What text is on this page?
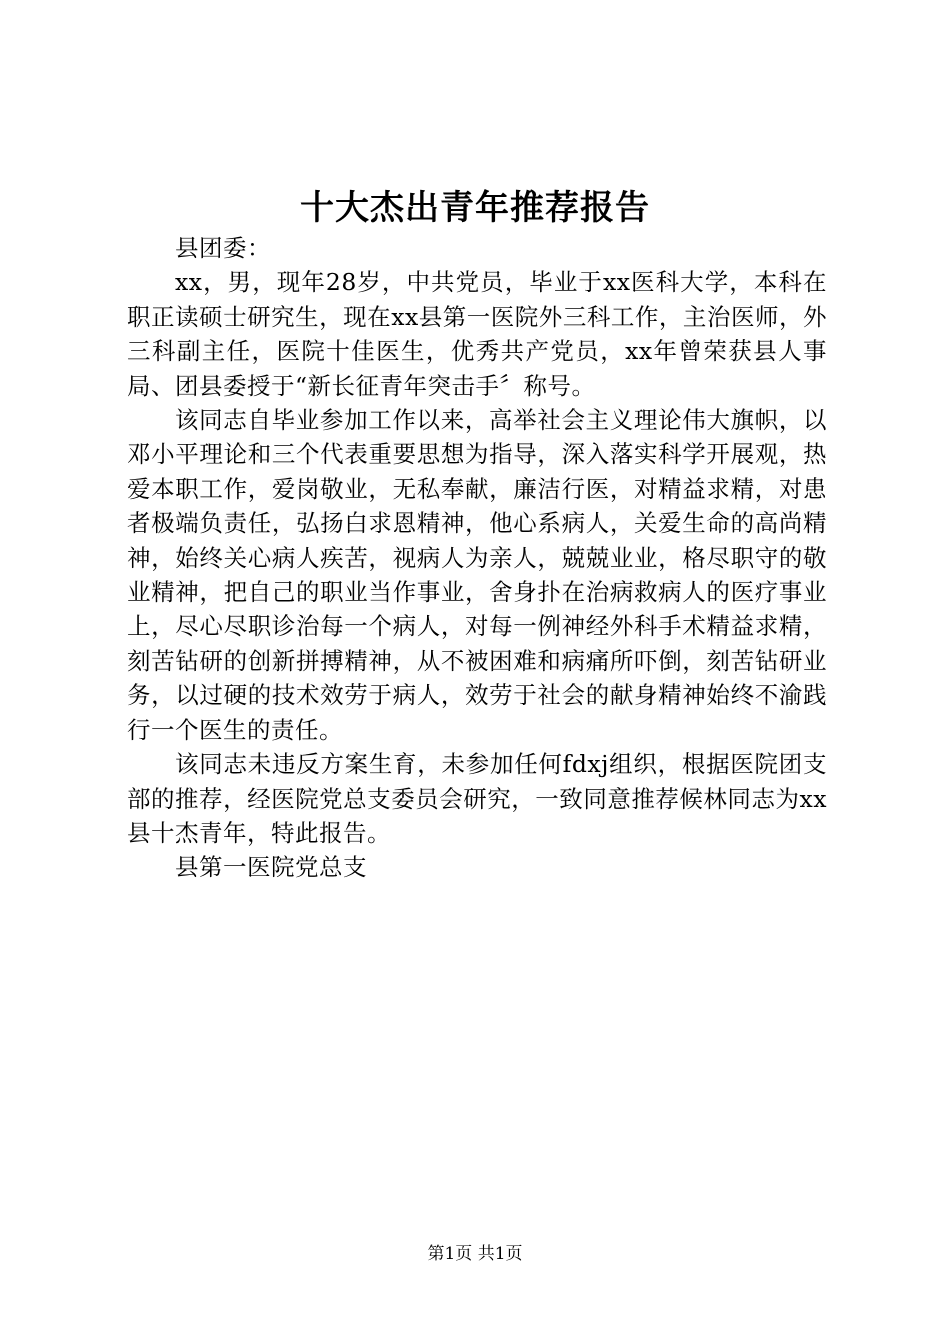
十大杰出青年推荐报告

县团委：

xx，男，现年28岁，中共党员，毕业于xx医科大学，本科在职正读硕士研究生，现在xx县第一医院外三科工作，主治医师，外三科副主任，医院十佳医生，优秀共产党员，xx年曾荣获县人事局、团县委授于“新长征青年突击手〞称号。

该同志自毕业参加工作以来，高举社会主义理论伟大旗帜，以邓小平理论和三个代表重要思想为指导，深入落实科学开展观，热爱本职工作，爱岗敬业，无私奉献，廉洁行医，对精益求精，对患者极端负责任，弘扬白求恩精神，他心系病人，关爱生命的高尚精神，始终关心病人疾苦，视病人为亲人，兢兢业业，格尽职守的敬业精神，把自己的职业当作事业，舍身扑在治病救病人的医疗事业上，尽心尽职诊治每一个病人，对每一例神经外科手术精益求精，刻苦钻研的创新拼搏精神，从不被困难和病痛所吓倒，刻苦钻研业务，以过硬的技术效劳于病人，效劳于社会的献身精神始终不渝践行一个医生的责任。

该同志未违反方案生育，未参加任何fdxj组织，根据医院团支部的推荐，经医院党总支委员会研究，一致同意推荐候林同志为xx县十杰青年，特此报告。

县第一医院党总支

第1页 共1页
